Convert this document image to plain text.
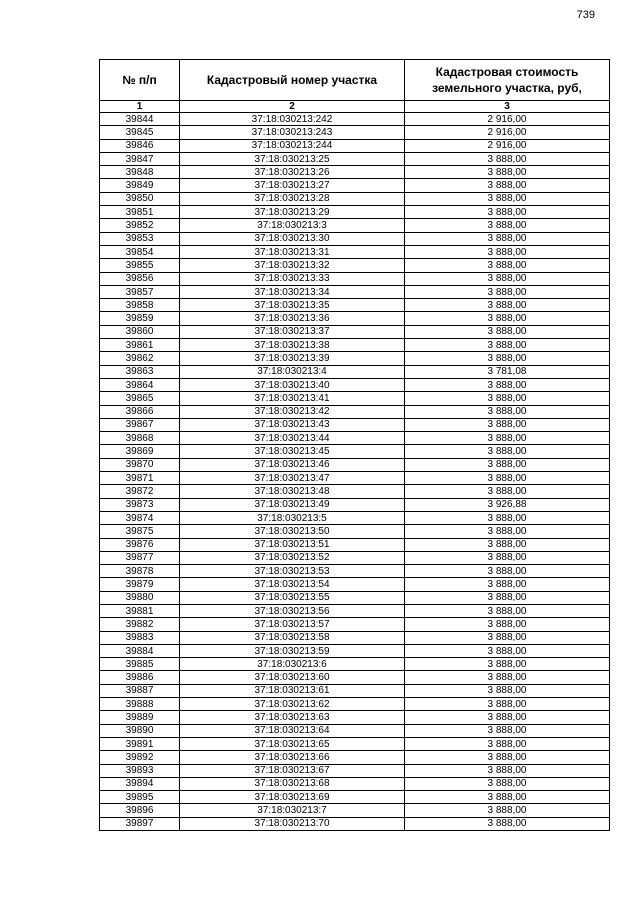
739
№ п/п	Кадастровый номер участка	Кадастровая стоимость земельного участка, руб,
1	2	3
39844	37:18:030213:242	2 916,00
39845	37:18:030213:243	2 916,00
39846	37:18:030213:244	2 916,00
39847	37:18:030213:25	3 888,00
39848	37:18:030213:26	3 888,00
39849	37:18:030213:27	3 888,00
39850	37:18:030213:28	3 888,00
39851	37:18:030213:29	3 888,00
39852	37:18:030213:3	3 888,00
39853	37:18:030213:30	3 888,00
39854	37:18:030213:31	3 888,00
39855	37:18:030213:32	3 888,00
39856	37:18:030213:33	3 888,00
39857	37:18:030213:34	3 888,00
39858	37:18:030213:35	3 888,00
39859	37:18:030213:36	3 888,00
39860	37:18:030213:37	3 888,00
39861	37:18:030213:38	3 888,00
39862	37:18:030213:39	3 888,00
39863	37:18:030213:4	3 781,08
39864	37:18:030213:40	3 888,00
39865	37:18:030213:41	3 888,00
39866	37:18:030213:42	3 888,00
39867	37:18:030213:43	3 888,00
39868	37:18:030213:44	3 888,00
39869	37:18:030213:45	3 888,00
39870	37:18:030213:46	3 888,00
39871	37:18:030213:47	3 888,00
39872	37:18:030213:48	3 888,00
39873	37:18:030213:49	3 926,88
39874	37:18:030213:5	3 888,00
39875	37:18:030213:50	3 888,00
39876	37:18:030213:51	3 888,00
39877	37:18:030213:52	3 888,00
39878	37:18:030213:53	3 888,00
39879	37:18:030213:54	3 888,00
39880	37:18:030213:55	3 888,00
39881	37:18:030213:56	3 888,00
39882	37:18:030213:57	3 888,00
39883	37:18:030213:58	3 888,00
39884	37:18:030213:59	3 888,00
39885	37:18:030213:6	3 888,00
39886	37:18:030213:60	3 888,00
39887	37:18:030213:61	3 888,00
39888	37:18:030213:62	3 888,00
39889	37:18:030213:63	3 888,00
39890	37:18:030213:64	3 888,00
39891	37:18:030213:65	3 888,00
39892	37:18:030213:66	3 888,00
39893	37:18:030213:67	3 888,00
39894	37:18:030213:68	3 888,00
39895	37:18:030213:69	3 888,00
39896	37:18:030213:7	3 888,00
39897	37:18:030213:70	3 888,00
